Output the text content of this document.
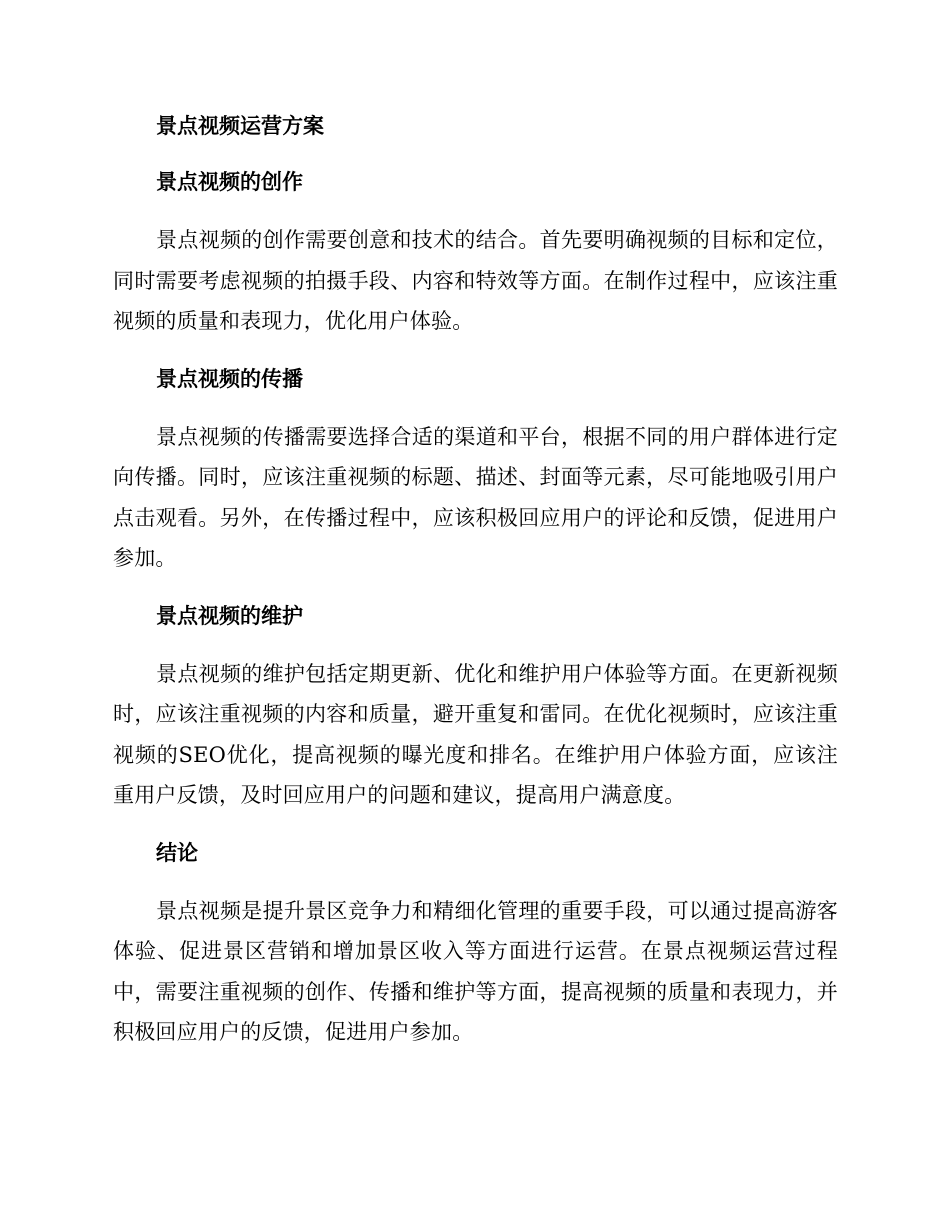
景点视频运营方案
景点视频的创作

景点视频的创作需要创意和技术的结合。首先要明确视频的目标和定位，同时需要考虑视频的拍摄手段、内容和特效等方面。在制作过程中，应该注重视频的质量和表现力，优化用户体验。

景点视频的传播

景点视频的传播需要选择合适的渠道和平台，根据不同的用户群体进行定向传播。同时，应该注重视频的标题、描述、封面等元素，尽可能地吸引用户点击观看。另外，在传播过程中，应该积极回应用户的评论和反馈，促进用户参加。

景点视频的维护

景点视频的维护包括定期更新、优化和维护用户体验等方面。在更新视频时，应该注重视频的内容和质量，避开重复和雷同。在优化视频时，应该注重视频的SEO优化，提高视频的曝光度和排名。在维护用户体验方面，应该注重用户反馈，及时回应用户的问题和建议，提高用户满意度。

结论

景点视频是提升景区竞争力和精细化管理的重要手段，可以通过提高游客体验、促进景区营销和增加景区收入等方面进行运营。在景点视频运营过程中，需要注重视频的创作、传播和维护等方面，提高视频的质量和表现力，并积极回应用户的反馈，促进用户参加。
